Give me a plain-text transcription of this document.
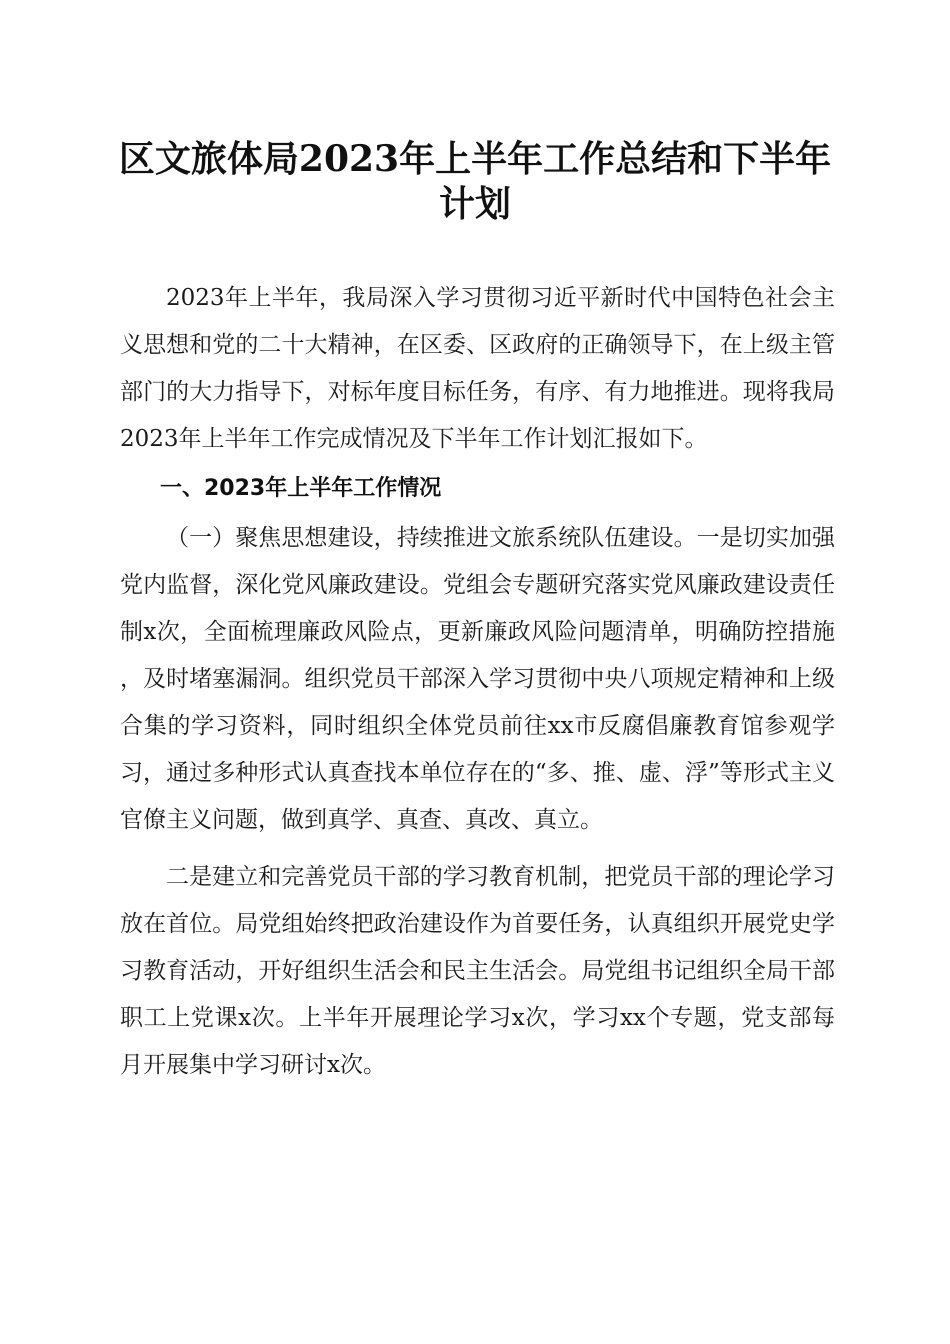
区文旅体局2023年上半年工作总结和下半年
计划

2023年上半年，我局深入学习贯彻习近平新时代中国特色社会主义思想和党的二十大精神，在区委、区政府的正确领导下，在上级主管部门的大力指导下，对标年度目标任务，有序、有力地推进。现将我局2023年上半年工作完成情况及下半年工作计划汇报如下。

一、2023年上半年工作情况

（一）聚焦思想建设，持续推进文旅系统队伍建设。一是切实加强党内监督，深化党风廉政建设。党组会专题研究落实党风廉政建设责任制x次，全面梳理廉政风险点，更新廉政风险问题清单，明确防控措施，及时堵塞漏洞。组织党员干部深入学习贯彻中央八项规定精神和上级合集的学习资料，同时组织全体党员前往xx市反腐倡廉教育馆参观学习，通过多种形式认真查找本单位存在的“多、推、虚、浮”等形式主义官僚主义问题，做到真学、真查、真改、真立。

二是建立和完善党员干部的学习教育机制，把党员干部的理论学习放在首位。局党组始终把政治建设作为首要任务，认真组织开展党史学习教育活动，开好组织生活会和民主生活会。局党组书记组织全局干部职工上党课x次。上半年开展理论学习x次，学习xx个专题，党支部每月开展集中学习研讨x次。
